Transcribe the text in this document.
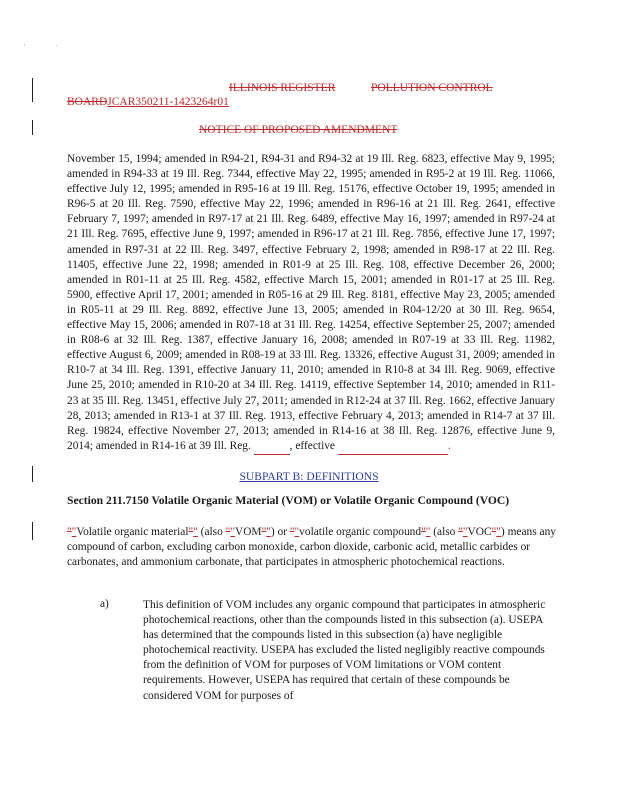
'	.
ILLINOIS REGISTER	POLLUTION CONTROL
BOARDJCAR350211-1423264r01
NOTICE OF PROPOSED AMENDMENT
November 15, 1994; amended in R94-21, R94-31 and R94-32 at 19 Ill. Reg. 6823, effective May 9, 1995; amended in R94-33 at 19 Ill. Reg. 7344, effective May 22, 1995; amended in R95-2 at 19 Ill. Reg. 11066, effective July 12, 1995; amended in R95-16 at 19 Ill. Reg. 15176, effective October 19, 1995; amended in R96-5 at 20 Ill. Reg. 7590, effective May 22, 1996; amended in R96-16 at 21 Ill. Reg. 2641, effective February 7, 1997; amended in R97-17 at 21 Ill. Reg. 6489, effective May 16, 1997; amended in R97-24 at 21 Ill. Reg. 7695, effective June 9, 1997; amended in R96-17 at 21 Ill. Reg. 7856, effective June 17, 1997; amended in R97-31 at 22 Ill. Reg. 3497, effective February 2, 1998; amended in R98-17 at 22 Ill. Reg. 11405, effective June 22, 1998; amended in R01-9 at 25 Ill. Reg. 108, effective December 26, 2000; amended in R01-11 at 25 Ill. Reg. 4582, effective March 15, 2001; amended in R01-17 at 25 Ill. Reg. 5900, effective April 17, 2001; amended in R05-16 at 29 Ill. Reg. 8181, effective May 23, 2005; amended in R05-11 at 29 Ill. Reg. 8892, effective June 13, 2005; amended in R04-12/20 at 30 Ill. Reg. 9654, effective May 15, 2006; amended in R07-18 at 31 Ill. Reg. 14254, effective September 25, 2007; amended in R08-6 at 32 Ill. Reg. 1387, effective January 16, 2008; amended in R07-19 at 33 Ill. Reg. 11982, effective August 6, 2009; amended in R08-19 at 33 Ill. Reg. 13326, effective August 31, 2009; amended in R10-7 at 34 Ill. Reg. 1391, effective January 11, 2010; amended in R10-8 at 34 Ill. Reg. 9069, effective June 25, 2010; amended in R10-20 at 34 Ill. Reg. 14119, effective September 14, 2010; amended in R11-23 at 35 Ill. Reg. 13451, effective July 27, 2011; amended in R12-24 at 37 Ill. Reg. 1662, effective January 28, 2013; amended in R13-1 at 37 Ill. Reg. 1913, effective February 4, 2013; amended in R14-7 at 37 Ill. Reg. 19824, effective November 27, 2013; amended in R14-16 at 38 Ill. Reg. 12876, effective June 9, 2014; amended in R14-16 at 39 Ill. Reg.	, effective	.
SUBPART B: DEFINITIONS
Section 211.7150 Volatile Organic Material (VOM) or Volatile Organic Compound (VOC)
""Volatile organic material"" (also ""VOM"") or ""volatile organic compound"" (also ""VOC"") means any compound of carbon, excluding carbon monoxide, carbon dioxide, carbonic acid, metallic carbides or carbonates, and ammonium carbonate, that participates in atmospheric photochemical reactions.
a)	This definition of VOM includes any organic compound that participates in atmospheric photochemical reactions, other than the compounds listed in this subsection (a). USEPA has determined that the compounds listed in this subsection (a) have negligible photochemical reactivity. USEPA has excluded the listed negligibly reactive compounds from the definition of VOM for purposes of VOM limitations or VOM content requirements. However, USEPA has required that certain of these compounds be considered VOM for purposes of
